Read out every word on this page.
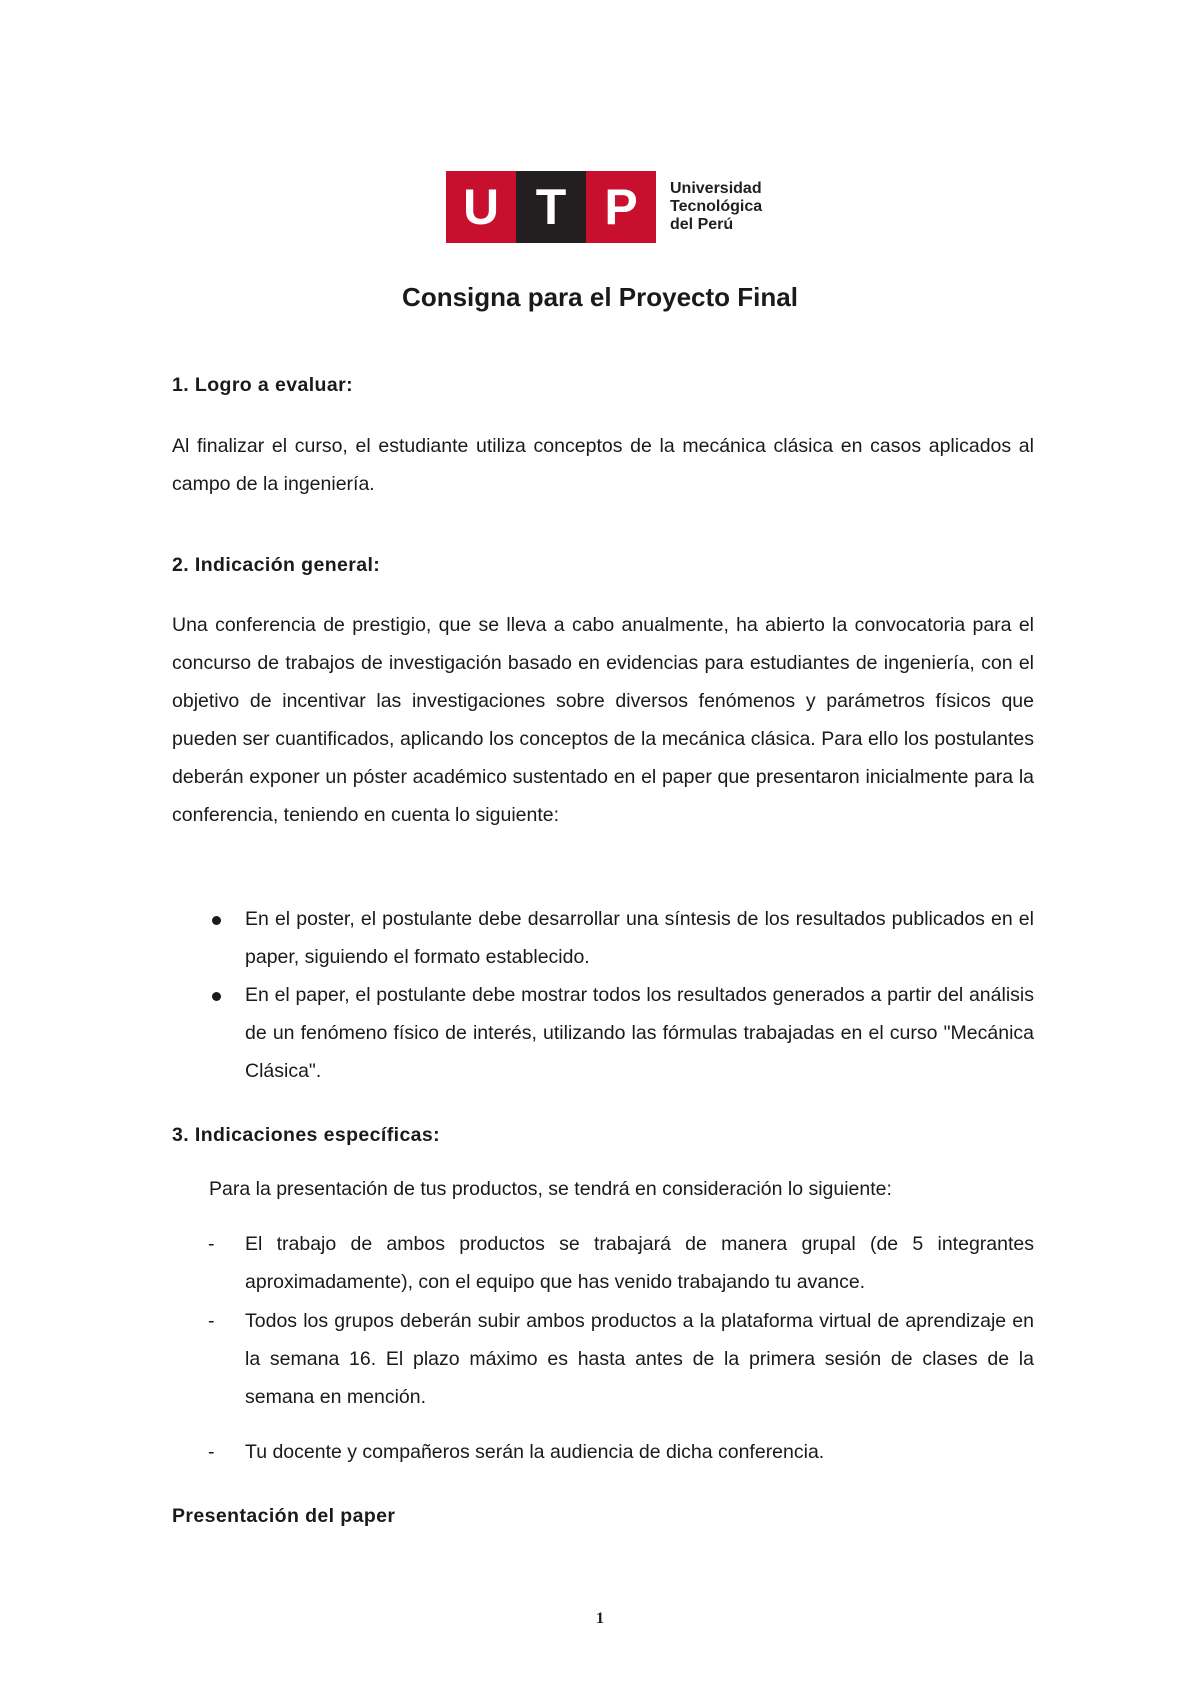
U T P	Universidad
Tecnológica
del Perú
Consigna para el Proyecto Final
1. Logro a evaluar:
Al finalizar el curso, el estudiante utiliza conceptos de la mecánica clásica en casos aplicados al campo de la ingeniería.
2. Indicación general:
Una conferencia de prestigio, que se lleva a cabo anualmente, ha abierto la convocatoria para el concurso de trabajos de investigación basado en evidencias para estudiantes de ingeniería, con el objetivo de incentivar las investigaciones sobre diversos fenómenos y parámetros físicos que pueden ser cuantificados, aplicando los conceptos de la mecánica clásica. Para ello los postulantes deberán exponer un póster académico sustentado en el paper que presentaron inicialmente para la conferencia, teniendo en cuenta lo siguiente:
En el poster, el postulante debe desarrollar una síntesis de los resultados publicados en el paper, siguiendo el formato establecido.
En el paper, el postulante debe mostrar todos los resultados generados a partir del análisis de un fenómeno físico de interés, utilizando las fórmulas trabajadas en el curso "Mecánica Clásica".
3. Indicaciones específicas:
Para la presentación de tus productos, se tendrá en consideración lo siguiente:
- El trabajo de ambos productos se trabajará de manera grupal (de 5 integrantes aproximadamente), con el equipo que has venido trabajando tu avance.
- Todos los grupos deberán subir ambos productos a la plataforma virtual de aprendizaje en la semana 16. El plazo máximo es hasta antes de la primera sesión de clases de la semana en mención.
- Tu docente y compañeros serán la audiencia de dicha conferencia.
Presentación del paper
1
